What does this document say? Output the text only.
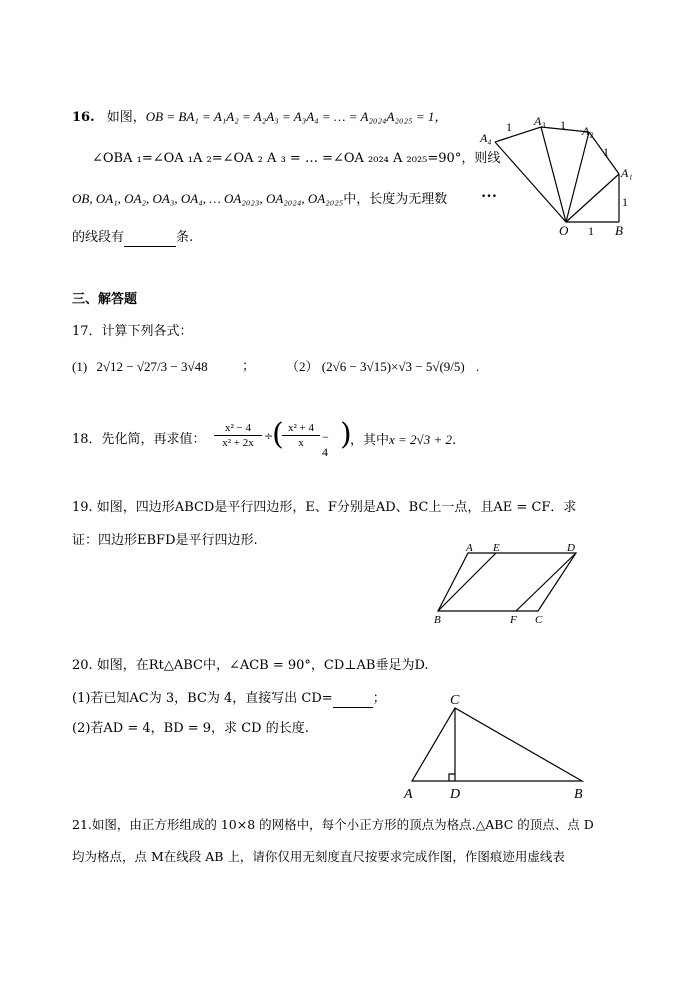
16. 如图，OB = BA₁ = A₁A₂ = A₂A₃ = A₃A₄ = … = A₂₀₂₄A₂₀₂₅ = 1，
∠OBA ₁=∠OA ₁A ₂=∠OA ₂ A ₃ = … =∠OA ₂₀₂₄ A ₂₀₂₅=90°，则线
OB, OA₁, OA₂, OA₃, OA₄, … OA₂₀₂₃, OA₂₀₂₄, OA₂₀₂₅中，长度为无理数
的线段有	条.
A₄
A₃
A₂
A₁
O	B
1
1
1
1
1
…
三、解答题
17．计算下列各式：
(1) 2√12 − √27/3 − 3√48	； （2） (2√6 − 3√15)×√3 − 5√(9/5) .
18．先化简，再求值：
x² − 4
x² + 2x ÷
( x² + 4
x	− 4 )
，其中x = 2√3 + 2.
19. 如图，四边形ABCD是平行四边形，E、F分别是AD、BC上一点，且AE = CF．求
证：四边形EBFD是平行四边形.	A E	D
B	F C
20. 如图，在Rt△ABC中，∠ACB = 90°，CD⊥AB垂足为D.
(1)若已知AC为 3，BC为 4，直接写出 CD=	；
(2)若AD = 4，BD = 9，求 CD 的长度.
C
A	D	B
21.如图，由正方形组成的 10×8 的网格中，每个小正方形的顶点为格点.△ABC 的顶点、点 D
均为格点，点 M在线段 AB 上，请你仅用无刻度直尺按要求完成作图，作图痕迹用虚线表
